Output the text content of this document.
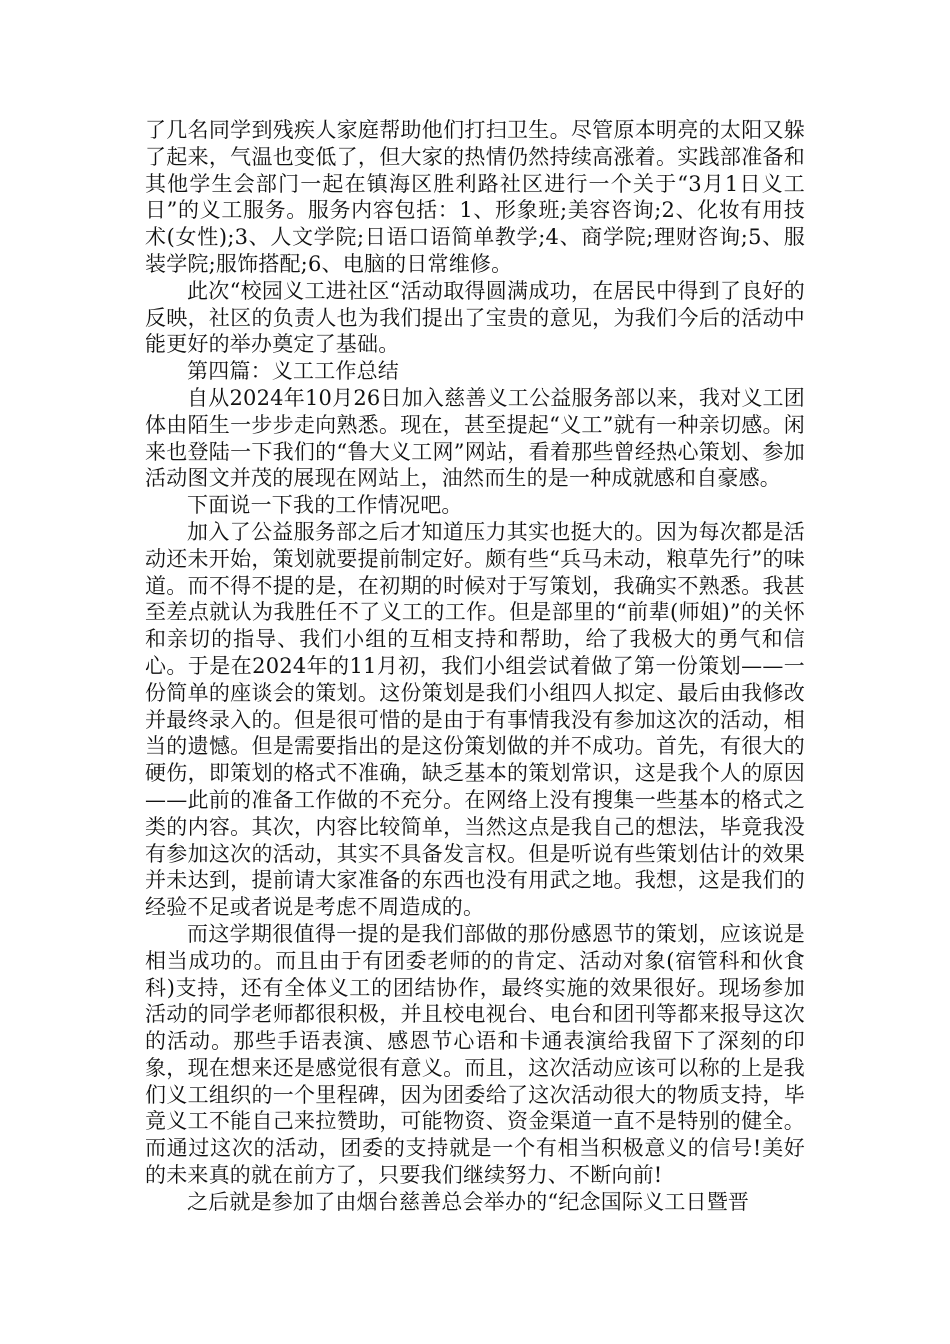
了几名同学到残疾人家庭帮助他们打扫卫生。尽管原本明亮的太阳又躲了起来，气温也变低了，但大家的热情仍然持续高涨着。实践部准备和其他学生会部门一起在镇海区胜利路社区进行一个关于“3月1日义工日”的义工服务。服务内容包括：1、形象班;美容咨询;2、化妆有用技术(女性);3、人文学院;日语口语简单教学;4、商学院;理财咨询;5、服装学院;服饰搭配;6、电脑的日常维修。

此次“校园义工进社区“活动取得圆满成功，在居民中得到了良好的反映，社区的负责人也为我们提出了宝贵的意见，为我们今后的活动中能更好的举办奠定了基础。

第四篇：义工工作总结

自从2024年10月26日加入慈善义工公益服务部以来，我对义工团体由陌生一步步走向熟悉。现在，甚至提起“义工”就有一种亲切感。闲来也登陆一下我们的“鲁大义工网”网站，看着那些曾经热心策划、参加活动图文并茂的展现在网站上，油然而生的是一种成就感和自豪感。

下面说一下我的工作情况吧。

加入了公益服务部之后才知道压力其实也挺大的。因为每次都是活动还未开始，策划就要提前制定好。颇有些“兵马未动，粮草先行”的味道。而不得不提的是，在初期的时候对于写策划，我确实不熟悉。我甚至差点就认为我胜任不了义工的工作。但是部里的“前辈(师姐)”的关怀和亲切的指导、我们小组的互相支持和帮助，给了我极大的勇气和信心。于是在2024年的11月初，我们小组尝试着做了第一份策划——一份简单的座谈会的策划。这份策划是我们小组四人拟定、最后由我修改并最终录入的。但是很可惜的是由于有事情我没有参加这次的活动，相当的遗憾。但是需要指出的是这份策划做的并不成功。首先，有很大的硬伤，即策划的格式不准确，缺乏基本的策划常识，这是我个人的原因——此前的准备工作做的不充分。在网络上没有搜集一些基本的格式之类的内容。其次，内容比较简单，当然这点是我自己的想法，毕竟我没有参加这次的活动，其实不具备发言权。但是听说有些策划估计的效果并未达到，提前请大家准备的东西也没有用武之地。我想，这是我们的经验不足或者说是考虑不周造成的。

而这学期很值得一提的是我们部做的那份感恩节的策划，应该说是相当成功的。而且由于有团委老师的的肯定、活动对象(宿管科和伙食科)支持，还有全体义工的团结协作，最终实施的效果很好。现场参加活动的同学老师都很积极，并且校电视台、电台和团刊等都来报导这次的活动。那些手语表演、感恩节心语和卡通表演给我留下了深刻的印象，现在想来还是感觉很有意义。而且，这次活动应该可以称的上是我们义工组织的一个里程碑，因为团委给了这次活动很大的物质支持，毕竟义工不能自己来拉赞助，可能物资、资金渠道一直不是特别的健全。而通过这次的活动，团委的支持就是一个有相当积极意义的信号!美好的未来真的就在前方了，只要我们继续努力、不断向前!

之后就是参加了由烟台慈善总会举办的“纪念国际义工日暨晋
